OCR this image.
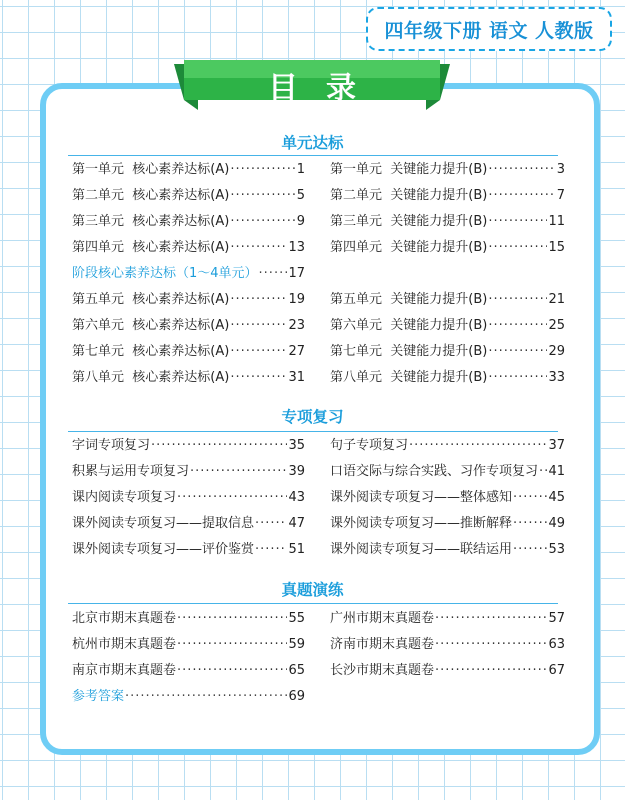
四年级下册 语文 人教版
目录
单元达标
第一单元  核心素养达标(A) ·····	1 第一单元  关键能力提升(B) ·····	3
第二单元  核心素养达标(A) ·····	5 第二单元  关键能力提升(B) ·····	7
第三单元  核心素养达标(A) ·····	9 第三单元  关键能力提升(B) ·····	11
第四单元  核心素养达标(A) ·····	13 第四单元  关键能力提升(B) ·····	15
阶段核心素养达标（1～4单元） ····· 17
第五单元  核心素养达标(A) ·····	19 第五单元  关键能力提升(B) ·····	21
第六单元  核心素养达标(A) ·····	23 第六单元  关键能力提升(B) ·····	25
第七单元  核心素养达标(A) ·····	27 第七单元  关键能力提升(B) ·····	29
第八单元  核心素养达标(A) ·····	31 第八单元  关键能力提升(B) ·····	33
专项复习
字词专项复习 ·····	35 句子专项复习 ·····	37
积累与运用专项复习 ·····	39 口语交际与综合实践、习作专项复习 ····· 41
课内阅读专项复习 ·····	43 课外阅读专项复习——整体感知 ·····	45
课外阅读专项复习——提取信息 ·····	47 课外阅读专项复习——推断解释 ·····	49
课外阅读专项复习——评价鉴赏 ·····	51 课外阅读专项复习——联结运用 ·····	53
真题演练
北京市期末真题卷 ·····	55 广州市期末真题卷 ·····	57
杭州市期末真题卷 ·····	59 济南市期末真题卷 ·····	63
南京市期末真题卷 ·····	65 长沙市期末真题卷 ·····	67
参考答案 ·····	69
